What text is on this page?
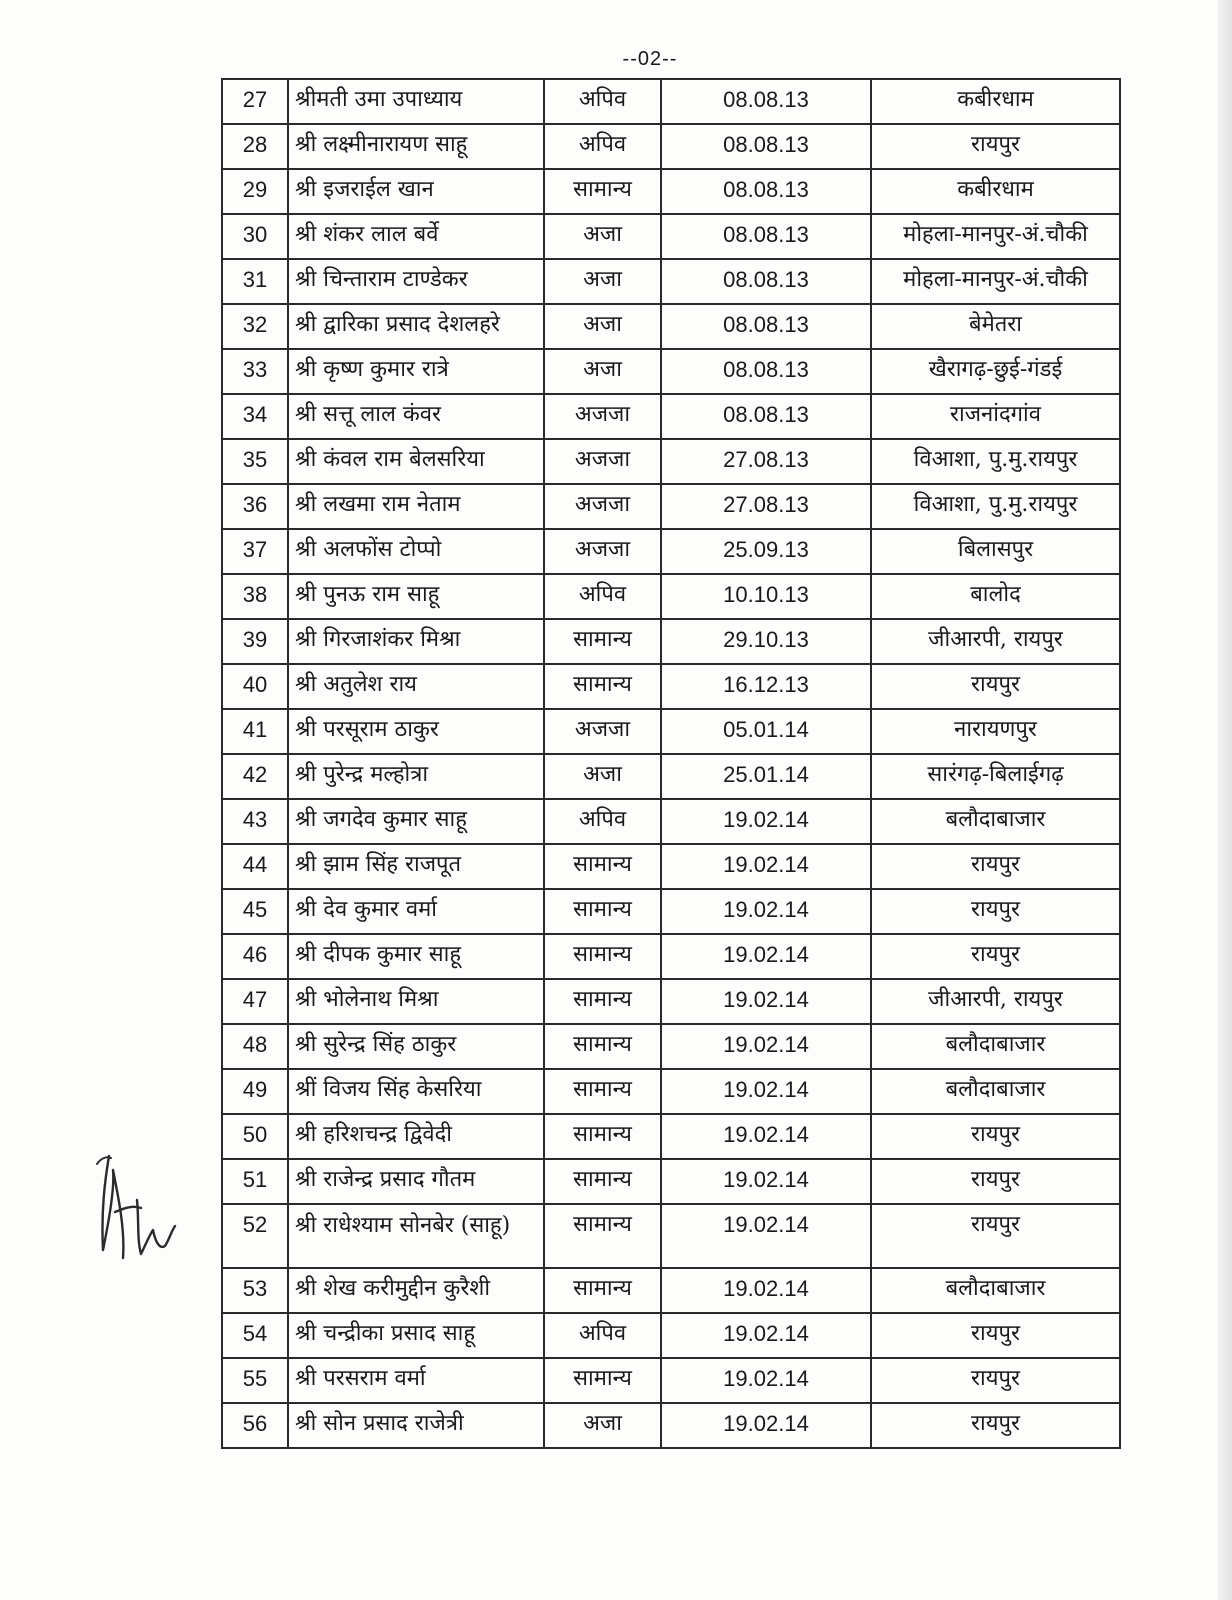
--02--
27	श्रीमती उमा उपाध्याय	अपिव	08.08.13	कबीरधाम
28	श्री लक्ष्मीनारायण साहू	अपिव	08.08.13	रायपुर
29	श्री इजराईल खान	सामान्य	08.08.13	कबीरधाम
30	श्री शंकर लाल बर्वे	अजा	08.08.13	मोहला-मानपुर-अं.चौकी
31	श्री चिन्ताराम टाण्डेकर	अजा	08.08.13	मोहला-मानपुर-अं.चौकी
32	श्री द्वारिका प्रसाद देशलहरे	अजा	08.08.13	बेमेतरा
33	श्री कृष्ण कुमार रात्रे	अजा	08.08.13	खैरागढ़-छुई-गंडई
34	श्री सत्तू लाल कंवर	अजजा	08.08.13	राजनांदगांव
35	श्री कंवल राम बेलसरिया	अजजा	27.08.13	विआशा, पु.मु.रायपुर
36	श्री लखमा राम नेताम	अजजा	27.08.13	विआशा, पु.मु.रायपुर
37	श्री अलफोंस टोप्पो	अजजा	25.09.13	बिलासपुर
38	श्री पुनऊ राम साहू	अपिव	10.10.13	बालोद
39	श्री गिरजाशंकर मिश्रा	सामान्य	29.10.13	जीआरपी, रायपुर
40	श्री अतुलेश राय	सामान्य	16.12.13	रायपुर
41	श्री परसूराम ठाकुर	अजजा	05.01.14	नारायणपुर
42	श्री पुरेन्द्र मल्होत्रा	अजा	25.01.14	सारंगढ़-बिलाईगढ़
43	श्री जगदेव कुमार साहू	अपिव	19.02.14	बलौदाबाजार
44	श्री झाम सिंह राजपूत	सामान्य	19.02.14	रायपुर
45	श्री देव कुमार वर्मा	सामान्य	19.02.14	रायपुर
46	श्री दीपक कुमार साहू	सामान्य	19.02.14	रायपुर
47	श्री भोलेनाथ मिश्रा	सामान्य	19.02.14	जीआरपी, रायपुर
48	श्री सुरेन्द्र सिंह ठाकुर	सामान्य	19.02.14	बलौदाबाजार
49	श्रीं विजय सिंह केसरिया	सामान्य	19.02.14	बलौदाबाजार
50	श्री हरिशचन्द्र द्विवेदी	सामान्य	19.02.14	रायपुर
51	श्री राजेन्द्र प्रसाद गौतम	सामान्य	19.02.14	रायपुर
52	श्री राधेश्याम सोनबेर (साहू)	सामान्य	19.02.14	रायपुर
53	श्री शेख करीमुद्दीन कुरैशी	सामान्य	19.02.14	बलौदाबाजार
54	श्री चन्द्रीका प्रसाद साहू	अपिव	19.02.14	रायपुर
55	श्री परसराम वर्मा	सामान्य	19.02.14	रायपुर
56	श्री सोन प्रसाद राजेत्री	अजा	19.02.14	रायपुर
